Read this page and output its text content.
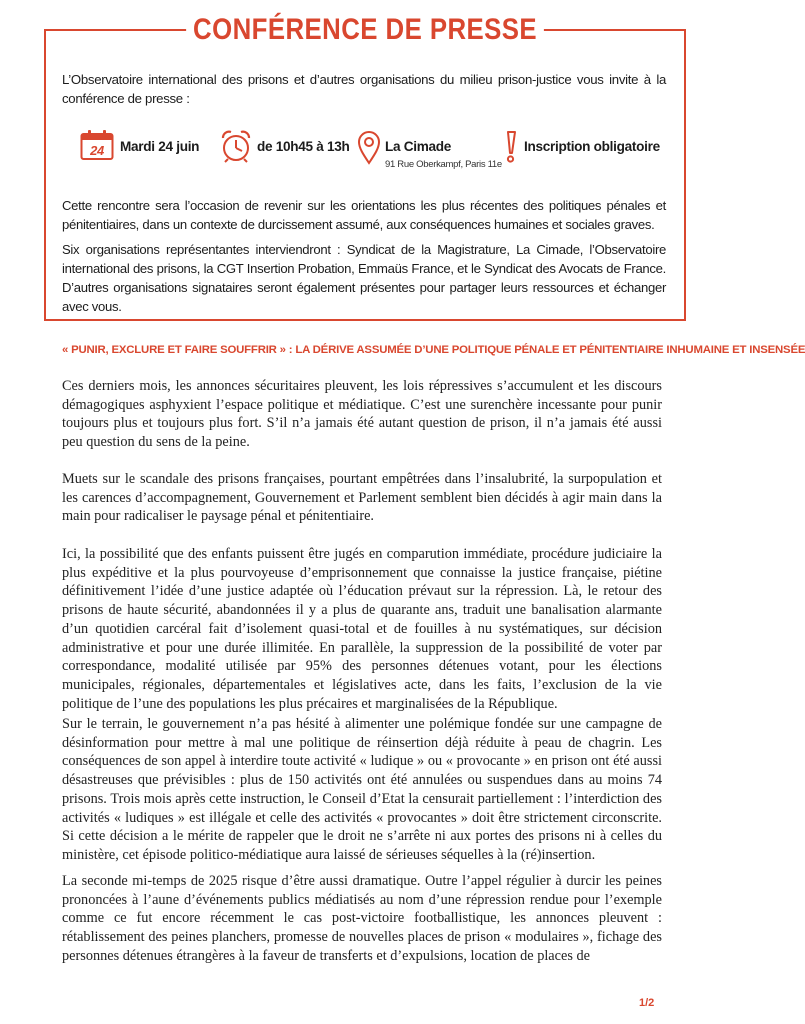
CONFÉRENCE DE PRESSE

L’Observatoire international des prisons et d’autres organisations du milieu prison-justice vous invite à la conférence de presse :

24 Mardi 24 juin	de 10h45 à 13h	La Cimade
91 Rue Oberkampf, Paris 11e
Inscription obligatoire

Cette rencontre sera l’occasion de revenir sur les orientations les plus récentes des politiques pénales et pénitentiaires, dans un contexte de durcissement assumé, aux conséquences humaines et sociales graves.

Six organisations représentantes interviendront : Syndicat de la Magistrature, La Cimade, l’Observatoire international des prisons, la CGT Insertion Probation, Emmaüs France, et le Syndicat des Avocats de France. D’autres organisations signataires seront également présentes pour partager leurs ressources et échanger avec vous.

« PUNIR, EXCLURE ET FAIRE SOUFFRIR » : LA DÉRIVE ASSUMÉE D’UNE POLITIQUE PÉNALE ET PÉNITENTIAIRE INHUMAINE ET INSENSÉE

Ces derniers mois, les annonces sécuritaires pleuvent, les lois répressives s’accumulent et les discours démagogiques asphyxient l’espace politique et médiatique. C’est une surenchère incessante pour punir toujours plus et toujours plus fort. S’il n’a jamais été autant question de prison, il n’a jamais été aussi peu question du sens de la peine.

Muets sur le scandale des prisons françaises, pourtant empêtrées dans l’insalubrité, la surpopulation et les carences d’accompagnement, Gouvernement et Parlement semblent bien décidés à agir main dans la main pour radicaliser le paysage pénal et pénitentiaire.

Ici, la possibilité que des enfants puissent être jugés en comparution immédiate, procédure judiciaire la plus expéditive et la plus pourvoyeuse d’emprisonnement que connaisse la justice française, piétine définitivement l’idée d’une justice adaptée où l’éducation prévaut sur la répression. Là, le retour des prisons de haute sécurité, abandonnées il y a plus de quarante ans, traduit une banalisation alarmante d’un quotidien carcéral fait d’isolement quasi-total et de fouilles à nu systématiques, sur décision administrative et pour une durée illimitée. En parallèle, la suppression de la possibilité de voter par correspondance, modalité utilisée par 95% des personnes détenues votant, pour les élections municipales, régionales, départementales et législatives acte, dans les faits, l’exclusion de la vie politique de l’une des populations les plus précaires et marginalisées de la République.

Sur le terrain, le gouvernement n’a pas hésité à alimenter une polémique fondée sur une campagne de désinformation pour mettre à mal une politique de réinsertion déjà réduite à peau de chagrin. Les conséquences de son appel à interdire toute activité « ludique » ou « provocante » en prison ont été aussi désastreuses que prévisibles : plus de 150 activités ont été annulées ou suspendues dans au moins 74 prisons. Trois mois après cette instruction, le Conseil d’Etat la censurait partiellement : l’interdiction des activités « ludiques » est illégale et celle des activités « provocantes » doit être strictement circonscrite. Si cette décision a le mérite de rappeler que le droit ne s’arrête ni aux portes des prisons ni à celles du ministère, cet épisode politico-médiatique aura laissé de sérieuses séquelles à la (ré)insertion.

La seconde mi-temps de 2025 risque d’être aussi dramatique. Outre l’appel régulier à durcir les peines prononcées à l’aune d’événements publics médiatisés au nom d’une répression rendue pour l’exemple comme ce fut encore récemment le cas post-victoire footballistique, les annonces pleuvent : rétablissement des peines planchers, promesse de nouvelles places de prison « modulaires », fichage des personnes détenues étrangères à la faveur de transferts et d’expulsions, location de places de

1/2
